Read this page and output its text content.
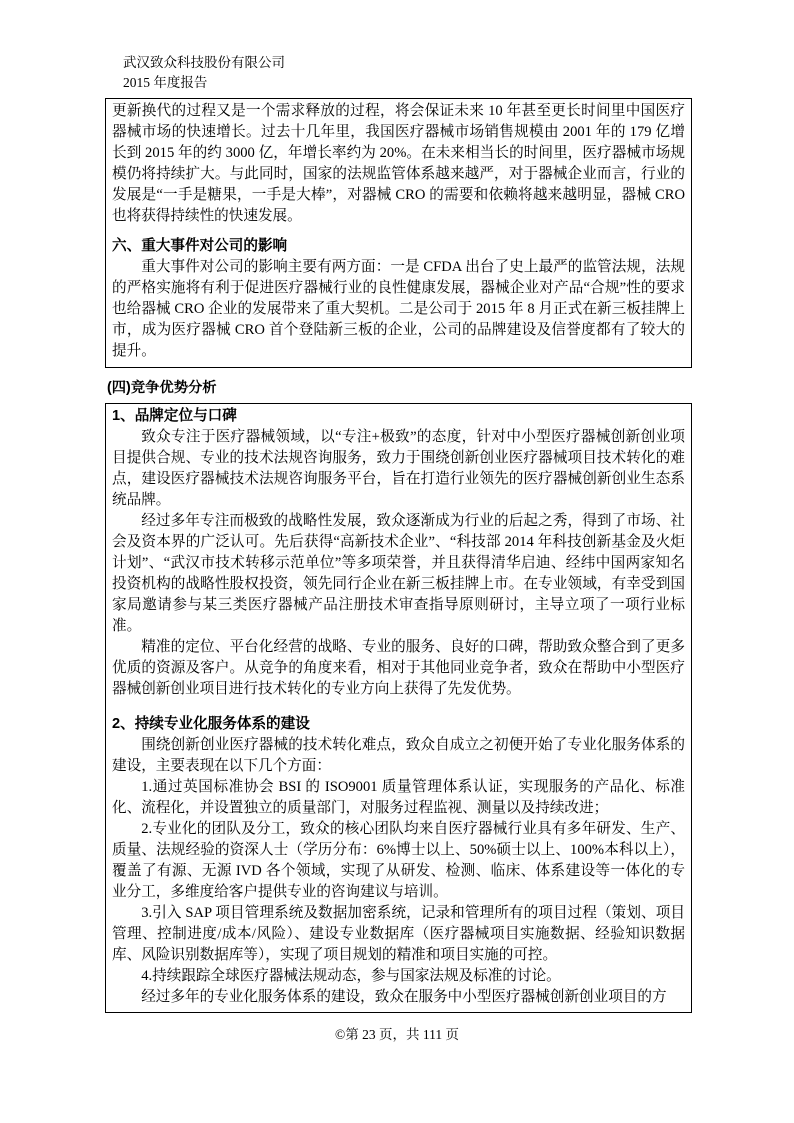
武汉致众科技股份有限公司
2015 年度报告

更新换代的过程又是一个需求释放的过程，将会保证未来 10 年甚至更长时间里中国医疗器械市场的快速增长。过去十几年里，我国医疗器械市场销售规模由 2001 年的 179 亿增长到 2015 年的约 3000 亿，年增长率约为 20%。在未来相当长的时间里，医疗器械市场规模仍将持续扩大。与此同时，国家的法规监管体系越来越严，对于器械企业而言，行业的发展是“一手是糖果，一手是大棒”，对器械 CRO 的需要和依赖将越来越明显，器械 CRO 也将获得持续性的快速发展。

六、重大事件对公司的影响

重大事件对公司的影响主要有两方面：一是 CFDA 出台了史上最严的监管法规，法规的严格实施将有利于促进医疗器械行业的良性健康发展，器械企业对产品“合规”性的要求也给器械 CRO 企业的发展带来了重大契机。二是公司于 2015 年 8 月正式在新三板挂牌上市，成为医疗器械 CRO 首个登陆新三板的企业，公司的品牌建设及信誉度都有了较大的提升。

(四)竞争优势分析
1、品牌定位与口碑

致众专注于医疗器械领域，以“专注+极致”的态度，针对中小型医疗器械创新创业项目提供合规、专业的技术法规咨询服务，致力于围绕创新创业医疗器械项目技术转化的难点，建设医疗器械技术法规咨询服务平台，旨在打造行业领先的医疗器械创新创业生态系统品牌。

经过多年专注而极致的战略性发展，致众逐渐成为行业的后起之秀，得到了市场、社会及资本界的广泛认可。先后获得“高新技术企业”、“科技部 2014 年科技创新基金及火炬计划”、“武汉市技术转移示范单位”等多项荣誉，并且获得清华启迪、经纬中国两家知名投资机构的战略性股权投资，领先同行企业在新三板挂牌上市。在专业领域，有幸受到国家局邀请参与某三类医疗器械产品注册技术审查指导原则研讨，主导立项了一项行业标准。

精准的定位、平台化经营的战略、专业的服务、良好的口碑，帮助致众整合到了更多优质的资源及客户。从竞争的角度来看，相对于其他同业竞争者，致众在帮助中小型医疗器械创新创业项目进行技术转化的专业方向上获得了先发优势。

2、持续专业化服务体系的建设

围绕创新创业医疗器械的技术转化难点，致众自成立之初便开始了专业化服务体系的建设，主要表现在以下几个方面：

1.通过英国标准协会 BSI 的 ISO9001 质量管理体系认证，实现服务的产品化、标准化、流程化，并设置独立的质量部门，对服务过程监视、测量以及持续改进；

2.专业化的团队及分工，致众的核心团队均来自医疗器械行业具有多年研发、生产、质量、法规经验的资深人士（学历分布：6%博士以上、50%硕士以上、100%本科以上），覆盖了有源、无源 IVD 各个领域，实现了从研发、检测、临床、体系建设等一体化的专业分工，多维度给客户提供专业的咨询建议与培训。

3.引入 SAP 项目管理系统及数据加密系统，记录和管理所有的项目过程（策划、项目管理、控制进度/成本/风险）、建设专业数据库（医疗器械项目实施数据、经验知识数据库、风险识别数据库等），实现了项目规划的精准和项目实施的可控。

4.持续跟踪全球医疗器械法规动态，参与国家法规及标准的讨论。

经过多年的专业化服务体系的建设，致众在服务中小型医疗器械创新创业项目的方

©第 23 页，共 111 页
